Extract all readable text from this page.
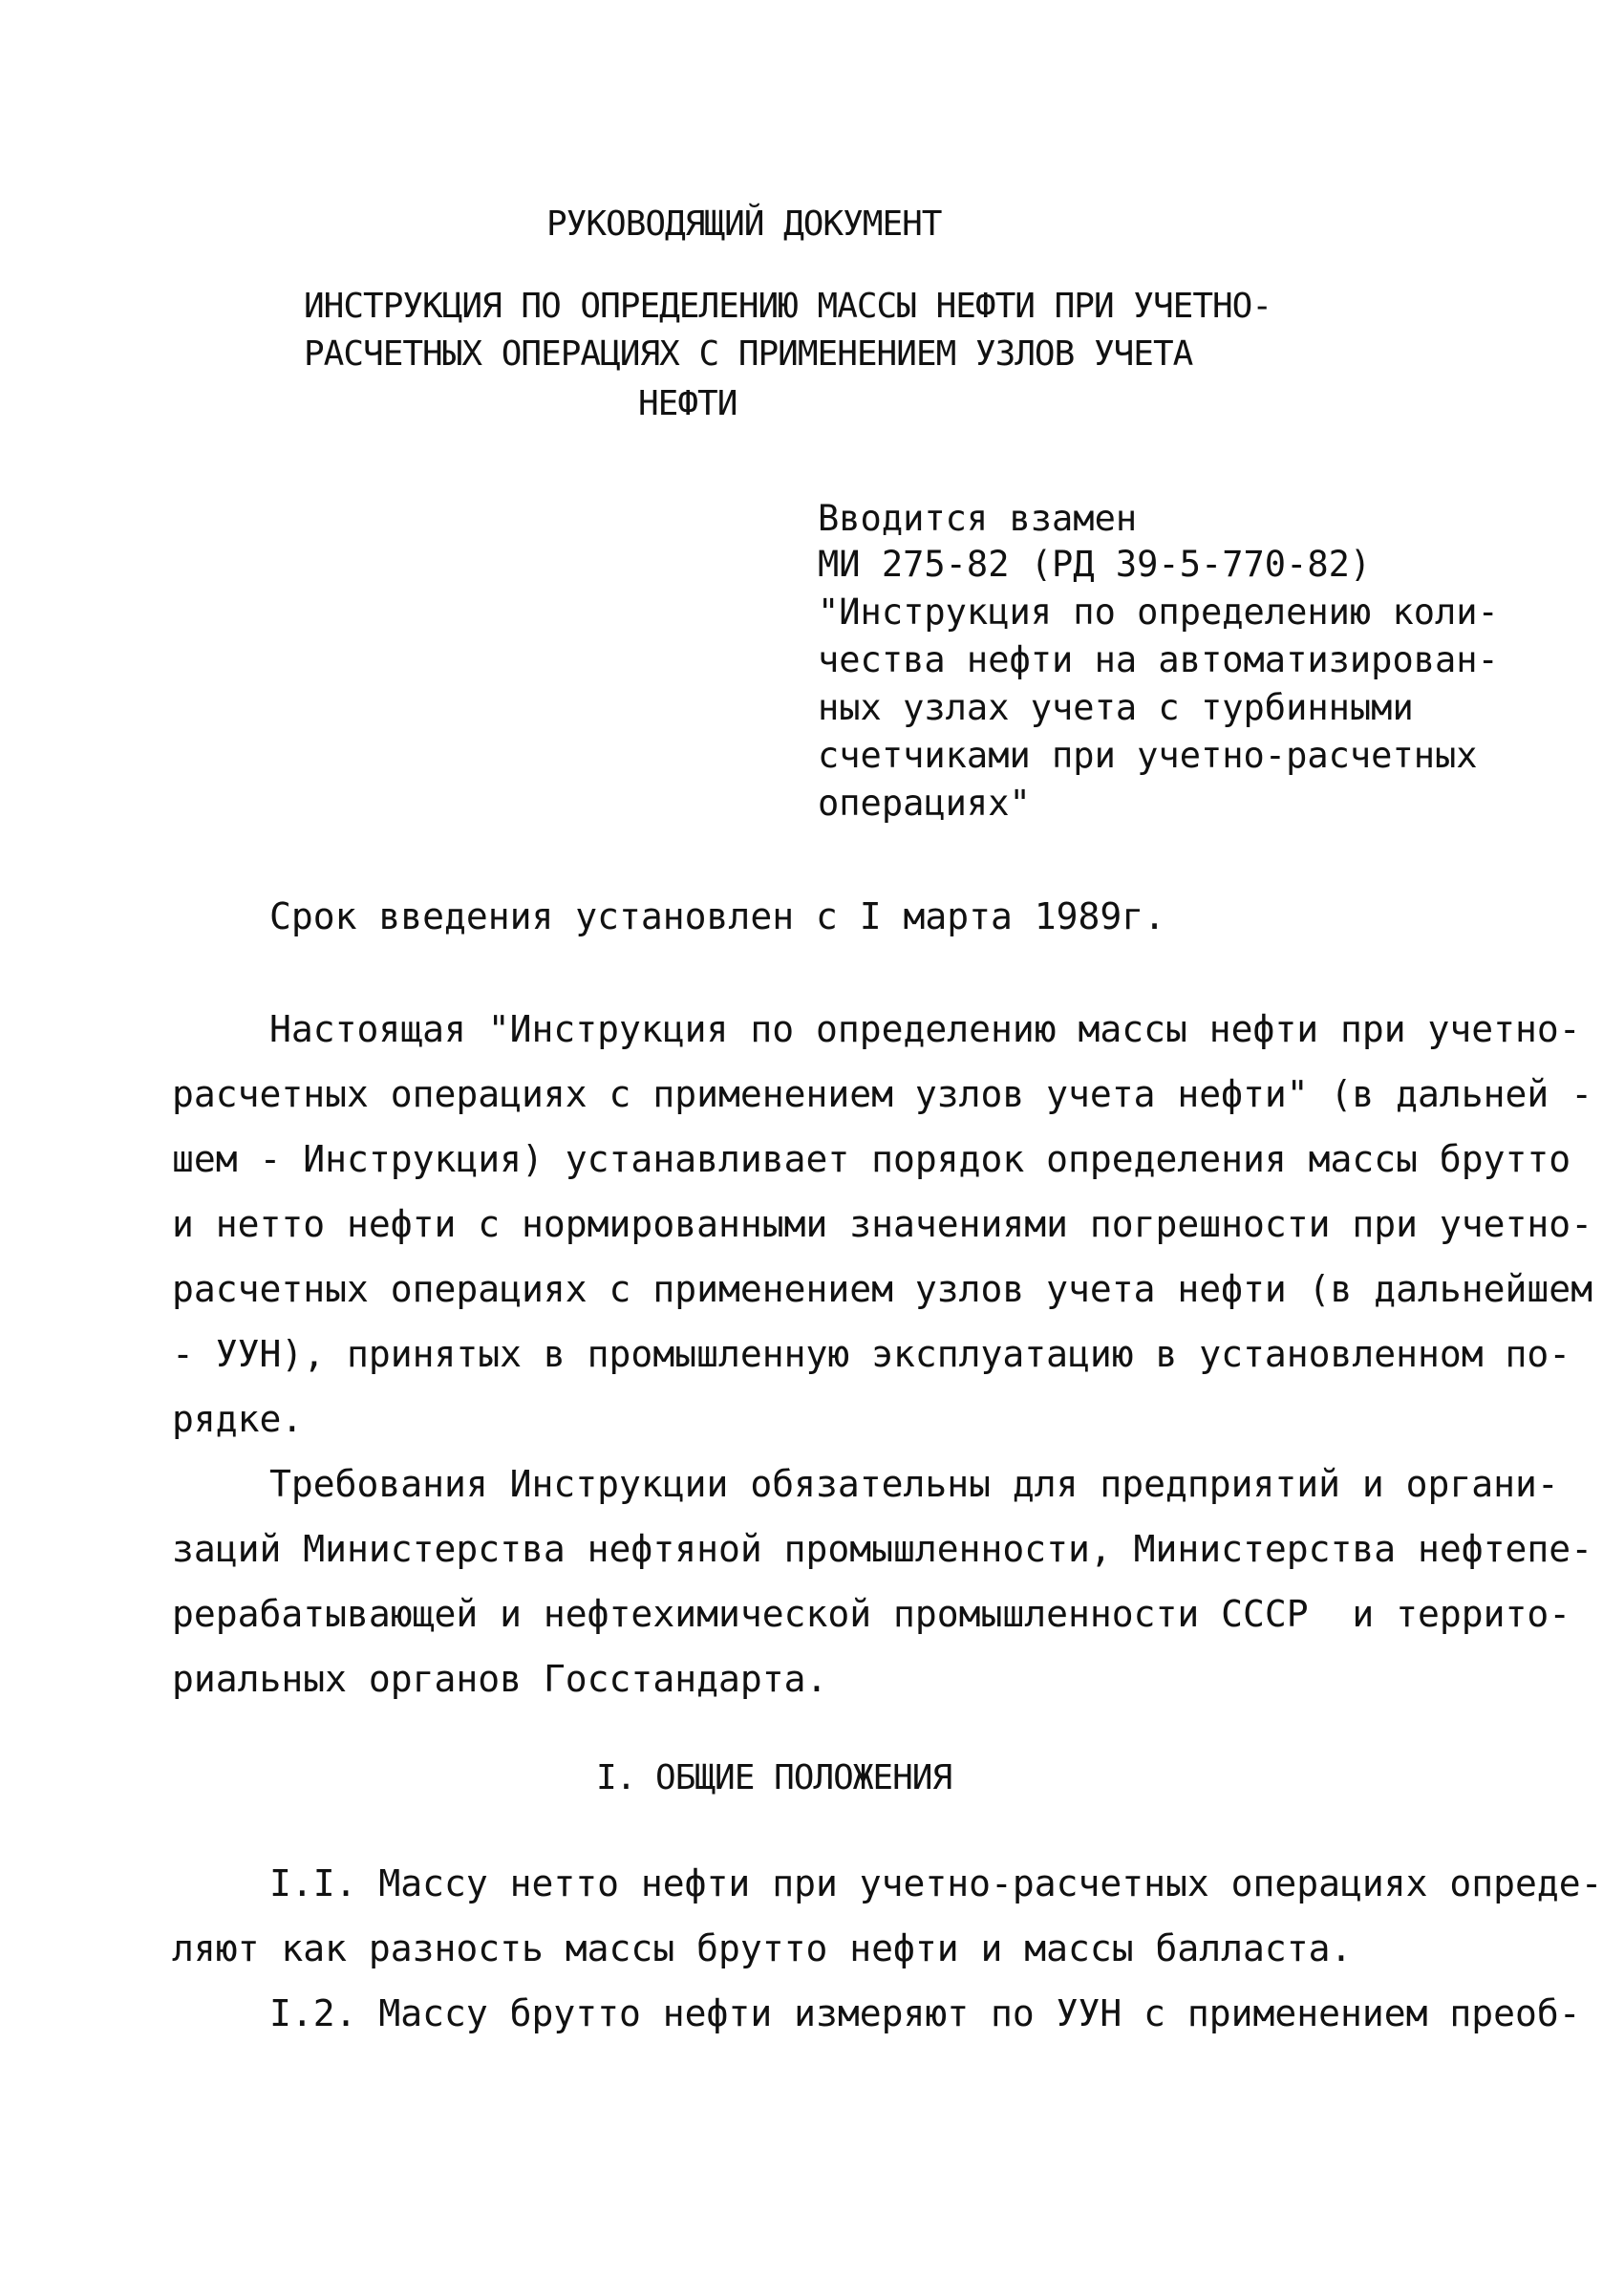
РУКОВОДЯЩИЙ ДОКУМЕНТ
ИНСТРУКЦИЯ ПО ОПРЕДЕЛЕНИЮ МАССЫ НЕФТИ ПРИ УЧЕТНО-
РАСЧЕТНЫХ ОПЕРАЦИЯХ С ПРИМЕНЕНИЕМ УЗЛОВ УЧЕТА
НЕФТИ
Вводится взамен
МИ 275-82 (РД 39-5-770-82)
"Инструкция по определению коли-
чества нефти на автоматизирован-
ных узлах учета с турбинными
счетчиками при учетно-расчетных
операциях"
Срок введения установлен с I марта 1989г.
Настоящая "Инструкция по определению массы нефти при учетно-
расчетных операциях с применением узлов учета нефти" (в дальней -
шем - Инструкция) устанавливает порядок определения массы брутто
и нетто нефти с нормированными значениями погрешности при учетно-
расчетных операциях с применением узлов учета нефти (в дальнейшем
- УУН), принятых в промышленную эксплуатацию в установленном по-
рядке.
Требования Инструкции обязательны для предприятий и органи-
заций Министерства нефтяной промышленности, Министерства нефтепе-
рерабатывающей и нефтехимической промышленности СССР  и террито-
риальных органов Госстандарта.
I. ОБЩИЕ ПОЛОЖЕНИЯ
I.I. Массу нетто нефти при учетно-расчетных операциях опреде-
ляют как разность массы брутто нефти и массы балласта.
I.2. Массу брутто нефти измеряют по УУН с применением преоб-
